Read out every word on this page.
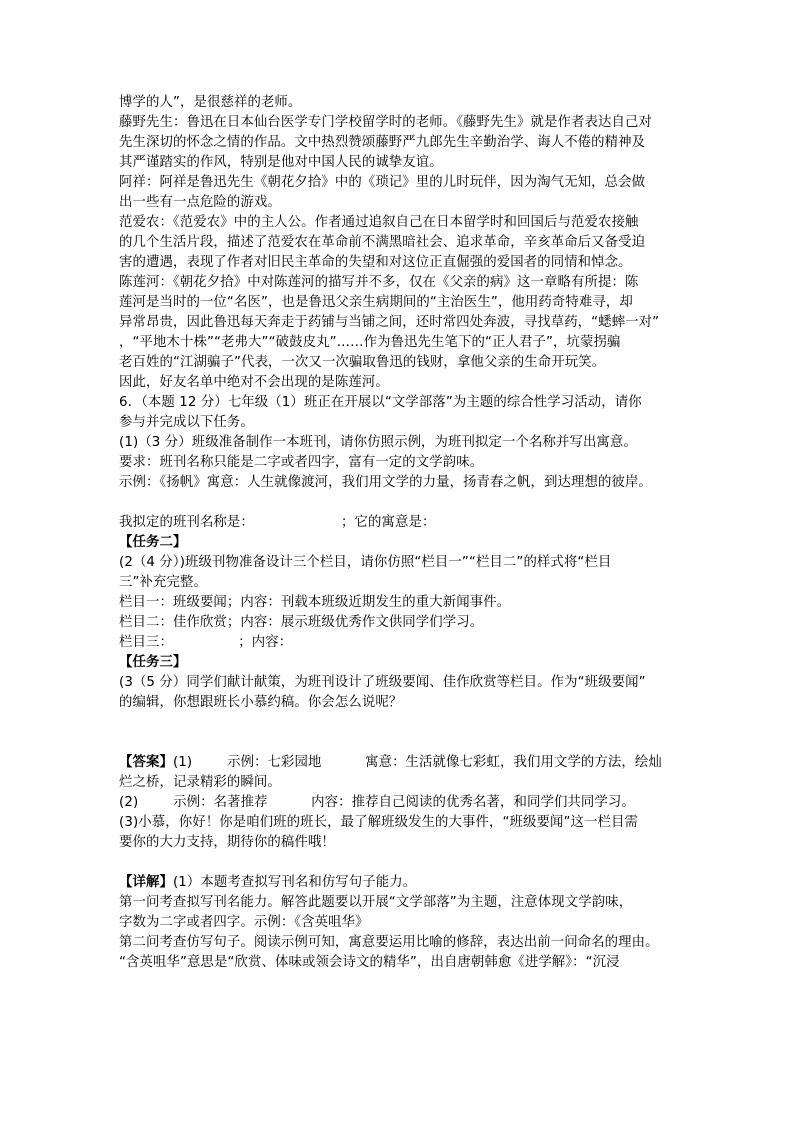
博学的人”，是很慈祥的老师。
藤野先生：鲁迅在日本仙台医学专门学校留学时的老师。《藤野先生》就是作者表达自己对
先生深切的怀念之情的作品。文中热烈赞颂藤野严九郎先生辛勤治学、诲人不倦的精神及
其严谨踏实的作风，特别是他对中国人民的诚挚友谊。
阿祥：阿祥是鲁迅先生《朝花夕拾》中的《琐记》里的儿时玩伴，因为淘气无知，总会做
出一些有一点危险的游戏。
范爱农：《范爱农》中的主人公。作者通过追叙自己在日本留学时和回国后与范爱农接触
的几个生活片段，描述了范爱农在革命前不满黑暗社会、追求革命，辛亥革命后又备受迫
害的遭遇，表现了作者对旧民主革命的失望和对这位正直倔强的爱国者的同情和悼念。
陈莲河：《朝花夕拾》中对陈莲河的描写并不多，仅在《父亲的病》这一章略有所提：陈
莲河是当时的一位“名医”，也是鲁迅父亲生病期间的“主治医生”，他用药奇特难寻，却
异常昂贵，因此鲁迅每天奔走于药铺与当铺之间，还时常四处奔波，寻找草药，“蟋蟀一对”
，“平地木十株”“老弗大”“破鼓皮丸”……作为鲁迅先生笔下的“正人君子”，坑蒙拐骗
老百姓的“江湖骗子”代表，一次又一次骗取鲁迅的钱财，拿他父亲的生命开玩笑。
因此，好友名单中绝对不会出现的是陈莲河。
6．（本题 12 分）七年级（1）班正在开展以“文学部落”为主题的综合性学习活动，请你
参与并完成以下任务。
(1)（3 分）班级准备制作一本班刊，请你仿照示例，为班刊拟定一个名称并写出寓意。
要求：班刊名称只能是二字或者四字，富有一定的文学韵味。
示例：《扬帆》寓意：人生就像渡河，我们用文学的力量，扬青春之帆，到达理想的彼岸。
我拟定的班刊名称是：                    ；它的寓意是：
【任务二】
(2（4 分）)班级刊物准备设计三个栏目，请你仿照“栏目一”“栏目二”的样式将“栏目
三”补充完整。
栏目一：班级要闻；内容：刊载本班级近期发生的重大新闻事件。
栏目二：佳作欣赏；内容：展示班级优秀作文供同学们学习。
栏目三：               ；内容：
【任务三】
(3（5 分）同学们献计献策，为班刊设计了班级要闻、佳作欣赏等栏目。作为“班级要闻”
的编辑，你想跟班长小慕约稿。你会怎么说呢？
【答案】(1)        示例：七彩园地          寓意：生活就像七彩虹，我们用文学的方法，绘灿
烂之桥，记录精彩的瞬间。
(2)        示例：名著推荐          内容：推荐自己阅读的优秀名著，和同学们共同学习。
(3)小慕，你好！你是咱们班的班长，最了解班级发生的大事件，“班级要闻”这一栏目需
要你的大力支持，期待你的稿件哦！
【详解】(1）本题考查拟写刊名和仿写句子能力。
第一问考查拟写刊名能力。解答此题要以开展“文学部落”为主题，注意体现文学韵味，
字数为二字或者四字。示例：《含英咀华》
第二问考查仿写句子。阅读示例可知，寓意要运用比喻的修辞，表达出前一问命名的理由。
“含英咀华”意思是“欣赏、体味或领会诗文的精华”，出自唐朝韩愈《进学解》：“沉浸
